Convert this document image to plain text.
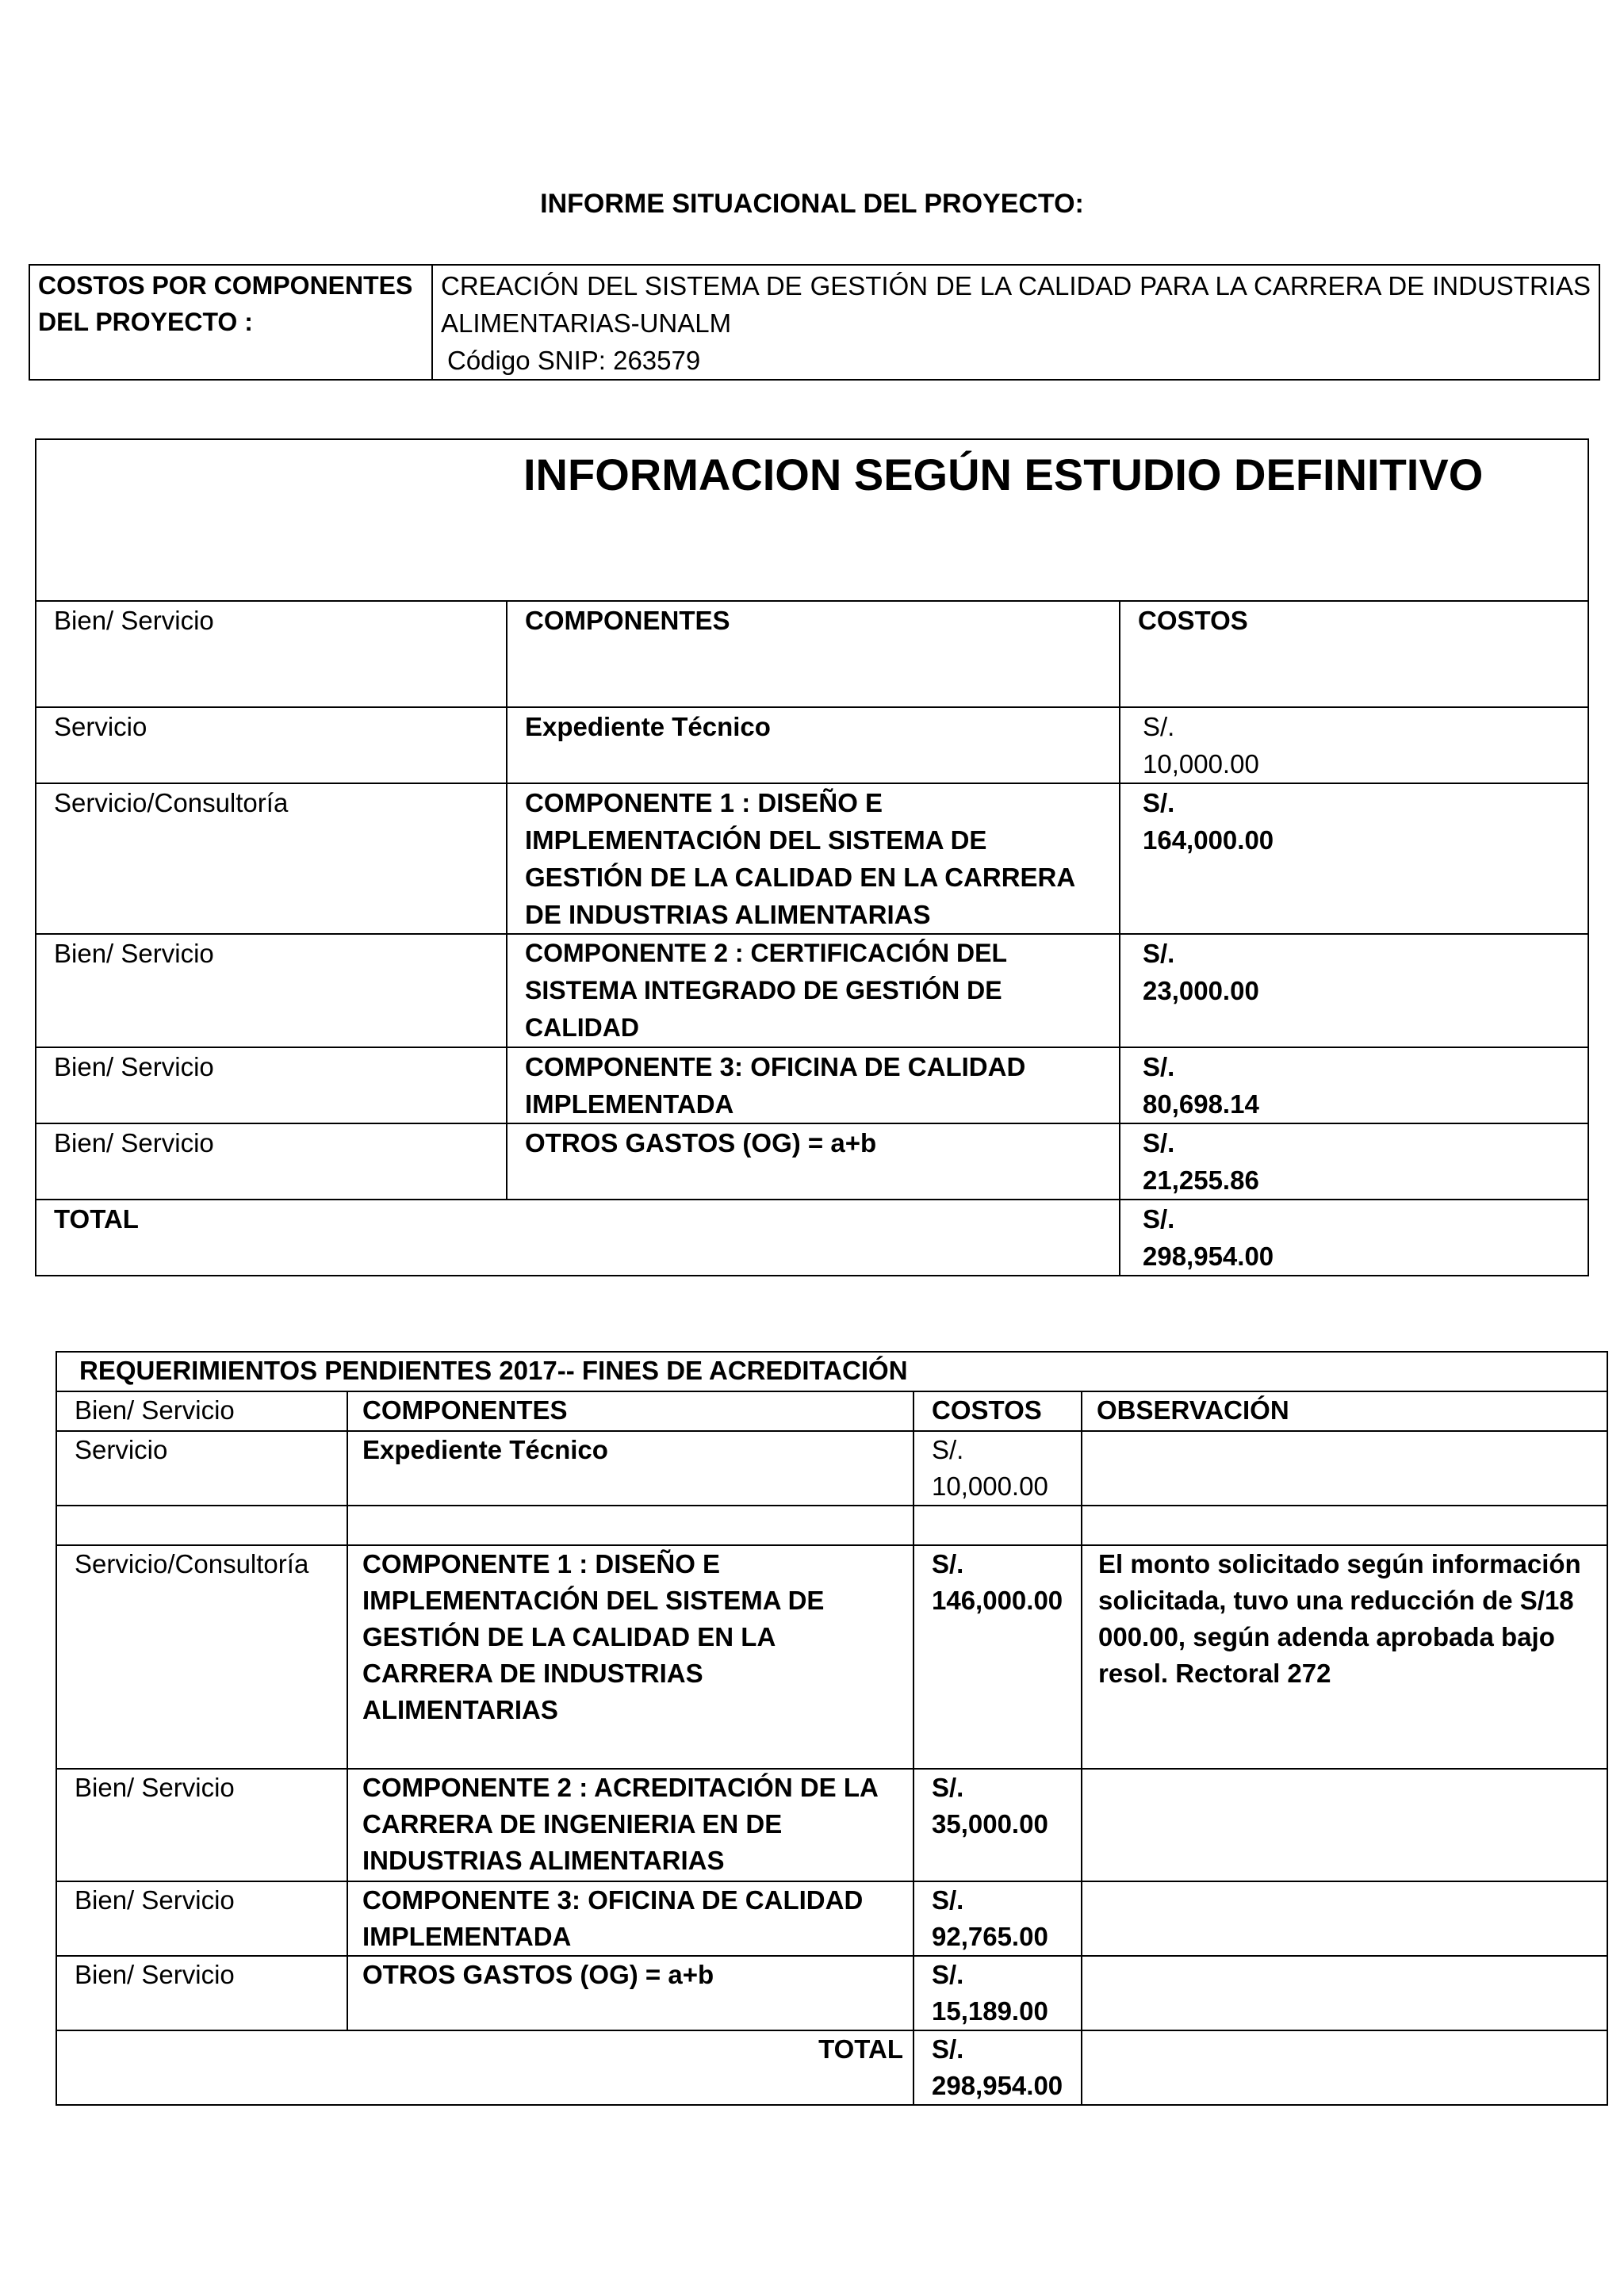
INFORME SITUACIONAL DEL PROYECTO:
COSTOS POR COMPONENTES DEL PROYECTO :	
CREACIÓN DEL SISTEMA DE GESTIÓN DE LA CALIDAD PARA LA CARRERA DE INDUSTRIAS ALIMENTARIAS-UNALM
Código SNIP: 263579
INFORMACION SEGÚN ESTUDIO DEFINITIVO		
Bien/ Servicio	COMPONENTES	COSTOS
Servicio	Expediente Técnico	S/.
10,000.00
Servicio/Consultoría	COMPONENTE 1 : DISEÑO E IMPLEMENTACIÓN DEL SISTEMA DE GESTIÓN DE LA CALIDAD EN LA CARRERA DE INDUSTRIAS ALIMENTARIAS	S/.
164,000.00
Bien/ Servicio	COMPONENTE 2 : CERTIFICACIÓN DEL SISTEMA INTEGRADO DE GESTIÓN DE CALIDAD	S/.
23,000.00
Bien/ Servicio	COMPONENTE 3: OFICINA DE CALIDAD IMPLEMENTADA	S/.
80,698.14
Bien/ Servicio	OTROS GASTOS (OG) = a+b	S/.
21,255.86
TOTAL		S/.
298,954.00
REQUERIMIENTOS PENDIENTES 2017-- FINES DE ACREDITACIÓN			
Bien/ Servicio	COMPONENTES	COSTOS	OBSERVACIÓN
Servicio	Expediente Técnico	S/.
10,000.00	

Servicio/Consultoría	COMPONENTE 1 : DISEÑO E IMPLEMENTACIÓN DEL SISTEMA DE GESTIÓN DE LA CALIDAD EN LA CARRERA DE INDUSTRIAS ALIMENTARIAS	S/.
146,000.00	El monto solicitado según información solicitada, tuvo una reducción de S/18 000.00, según adenda aprobada bajo resol. Rectoral 272
Bien/ Servicio	COMPONENTE 2 : ACREDITACIÓN DE LA CARRERA DE INGENIERIA EN DE INDUSTRIAS ALIMENTARIAS	S/.
35,000.00	
Bien/ Servicio	COMPONENTE 3: OFICINA DE CALIDAD IMPLEMENTADA	S/.
92,765.00	
Bien/ Servicio	OTROS GASTOS (OG) = a+b	S/.
15,189.00	
TOTAL		S/.
298,954.00	
